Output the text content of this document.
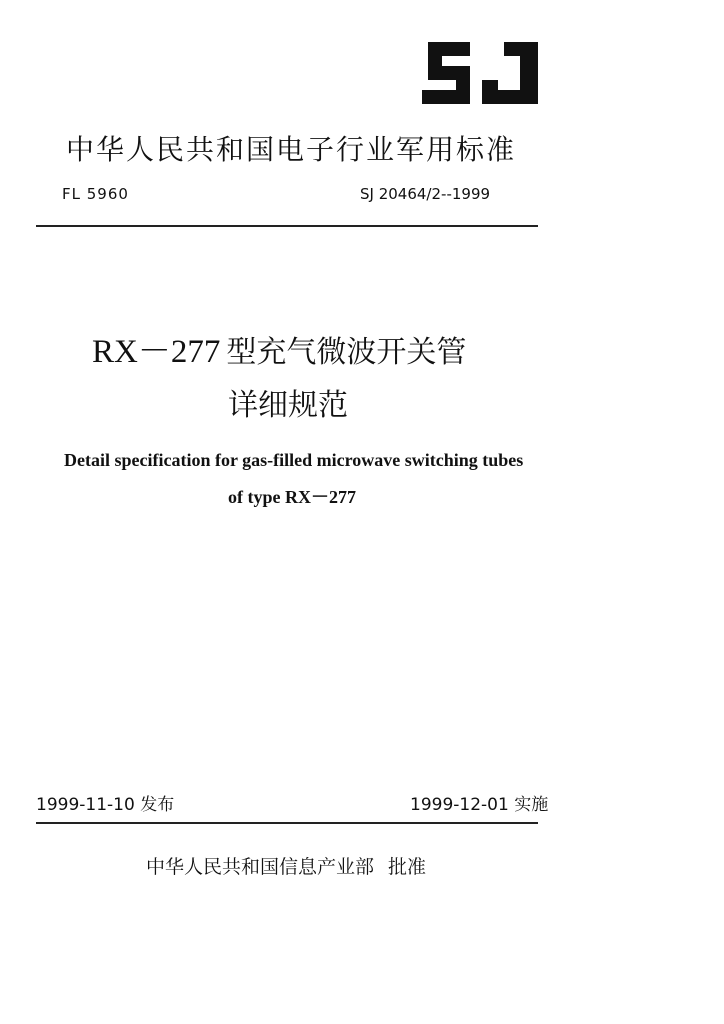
中华人民共和国电子行业军用标准
FL 5960	SJ 20464/2--1999
RX－277 型充气微波开关管
详细规范
Detail specification for gas-filled microwave switching tubes
of type RX－277
1999-11-10 发布	1999-12-01 实施
中华人民共和国信息产业部 批准
